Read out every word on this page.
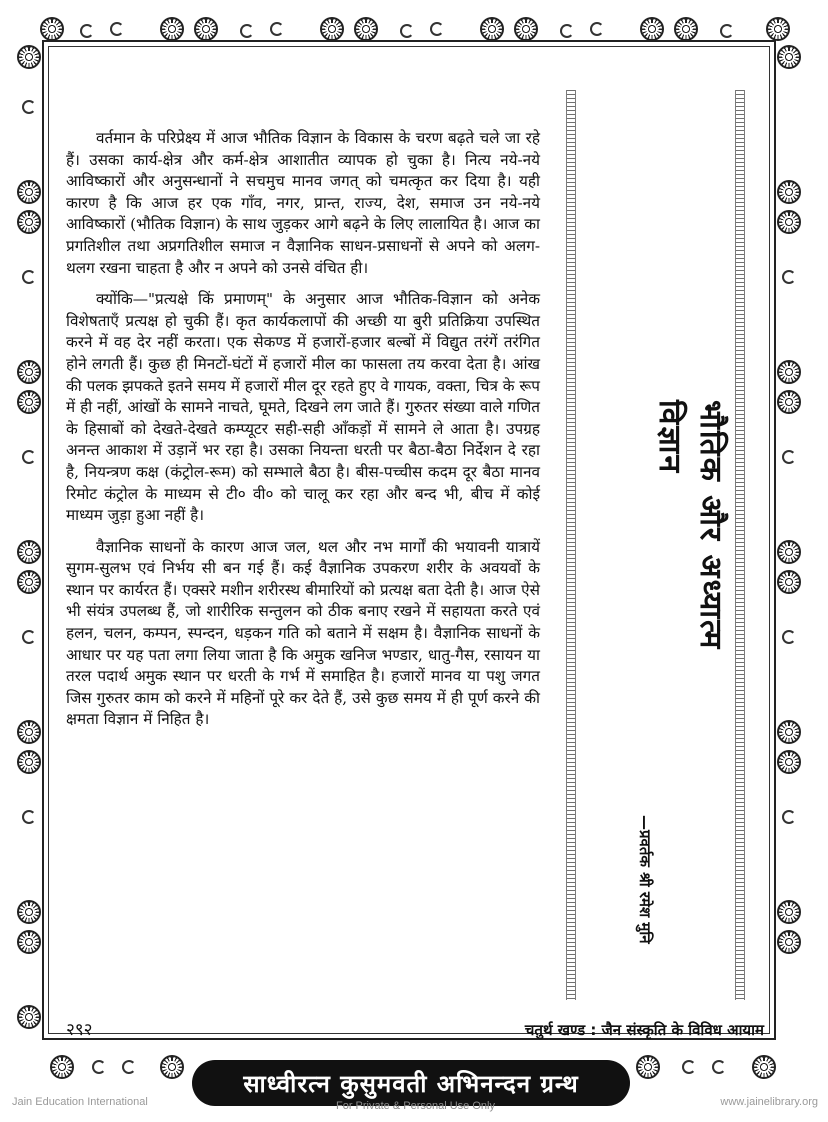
वर्तमान के परिप्रेक्ष्य में आज भौतिक विज्ञान के विकास के चरण बढ़ते चले जा रहे हैं। उसका कार्य-क्षेत्र और कर्म-क्षेत्र आशातीत व्यापक हो चुका है। नित्य नये-नये आविष्कारों और अनुसन्धानों ने सचमुच मानव जगत् को चमत्कृत कर दिया है। यही कारण है कि आज हर एक गाँव, नगर, प्रान्त, राज्य, देश, समाज उन नये-नये आविष्कारों (भौतिक विज्ञान) के साथ जुड़कर आगे बढ़ने के लिए लालायित है। आज का प्रगतिशील तथा अप्रगतिशील समाज न वैज्ञानिक साधन-प्रसाधनों से अपने को अलग-थलग रखना चाहता है और न अपने को उनसे वंचित ही।

क्योंकि—"प्रत्यक्षे किं प्रमाणम्" के अनुसार आज भौतिक-विज्ञान को अनेक विशेषताएँ प्रत्यक्ष हो चुकी हैं। कृत कार्यकलापों की अच्छी या बुरी प्रतिक्रिया उपस्थित करने में वह देर नहीं करता। एक सेकण्ड में हजारों-हजार बल्बों में विद्युत तरंगें तरंगित होने लगती हैं। कुछ ही मिनटों-घंटों में हजारों मील का फासला तय करवा देता है। आंख की पलक झपकते इतने समय में हजारों मील दूर रहते हुए वे गायक, वक्ता, चित्र के रूप में ही नहीं, आंखों के सामने नाचते, घूमते, दिखने लग जाते हैं। गुरुतर संख्या वाले गणित के हिसाबों को देखते-देखते कम्प्यूटर सही-सही आँकड़ों में सामने ले आता है। उपग्रह अनन्त आकाश में उड़ानें भर रहा है। उसका नियन्ता धरती पर बैठा-बैठा निर्देशन दे रहा है, नियन्त्रण कक्ष (कंट्रोल-रूम) को सम्भाले बैठा है। बीस-पच्चीस कदम दूर बैठा मानव रिमोट कंट्रोल के माध्यम से टी० वी० को चालू कर रहा और बन्द भी, बीच में कोई माध्यम जुड़ा हुआ नहीं है।

वैज्ञानिक साधनों के कारण आज जल, थल और नभ मार्गों की भयावनी यात्रायें सुगम-सुलभ एवं निर्भय सी बन गई हैं। कई वैज्ञानिक उपकरण शरीर के अवयवों के स्थान पर कार्यरत हैं। एक्सरे मशीन शरीरस्थ बीमारियों को प्रत्यक्ष बता देती है। आज ऐसे भी संयंत्र उपलब्ध हैं, जो शारीरिक सन्तुलन को ठीक बनाए रखने में सहायता करते एवं हलन, चलन, कम्पन, स्पन्दन, धड़कन गति को बताने में सक्षम है। वैज्ञानिक साधनों के आधार पर यह पता लगा लिया जाता है कि अमुक खनिज भण्डार, धातु-गैस, रसायन या तरल पदार्थ अमुक स्थान पर धरती के गर्भ में समाहित है। हजारों मानव या पशु जगत जिस गुरुतर काम को करने में महिनों पूरे कर देते हैं, उसे कुछ समय में ही पूर्ण करने की क्षमता विज्ञान में निहित है।

भौतिक और अध्यात्म विज्ञान
—प्रवर्तक श्री रमेश मुनि
२९२	चतुर्थ खण्ड : जैन संस्कृति के विविध आयाम
साध्वीरत्न कुसुमवती अभिनन्दन ग्रन्थ
Jain Education International	For Private & Personal Use Only	www.jainelibrary.org
